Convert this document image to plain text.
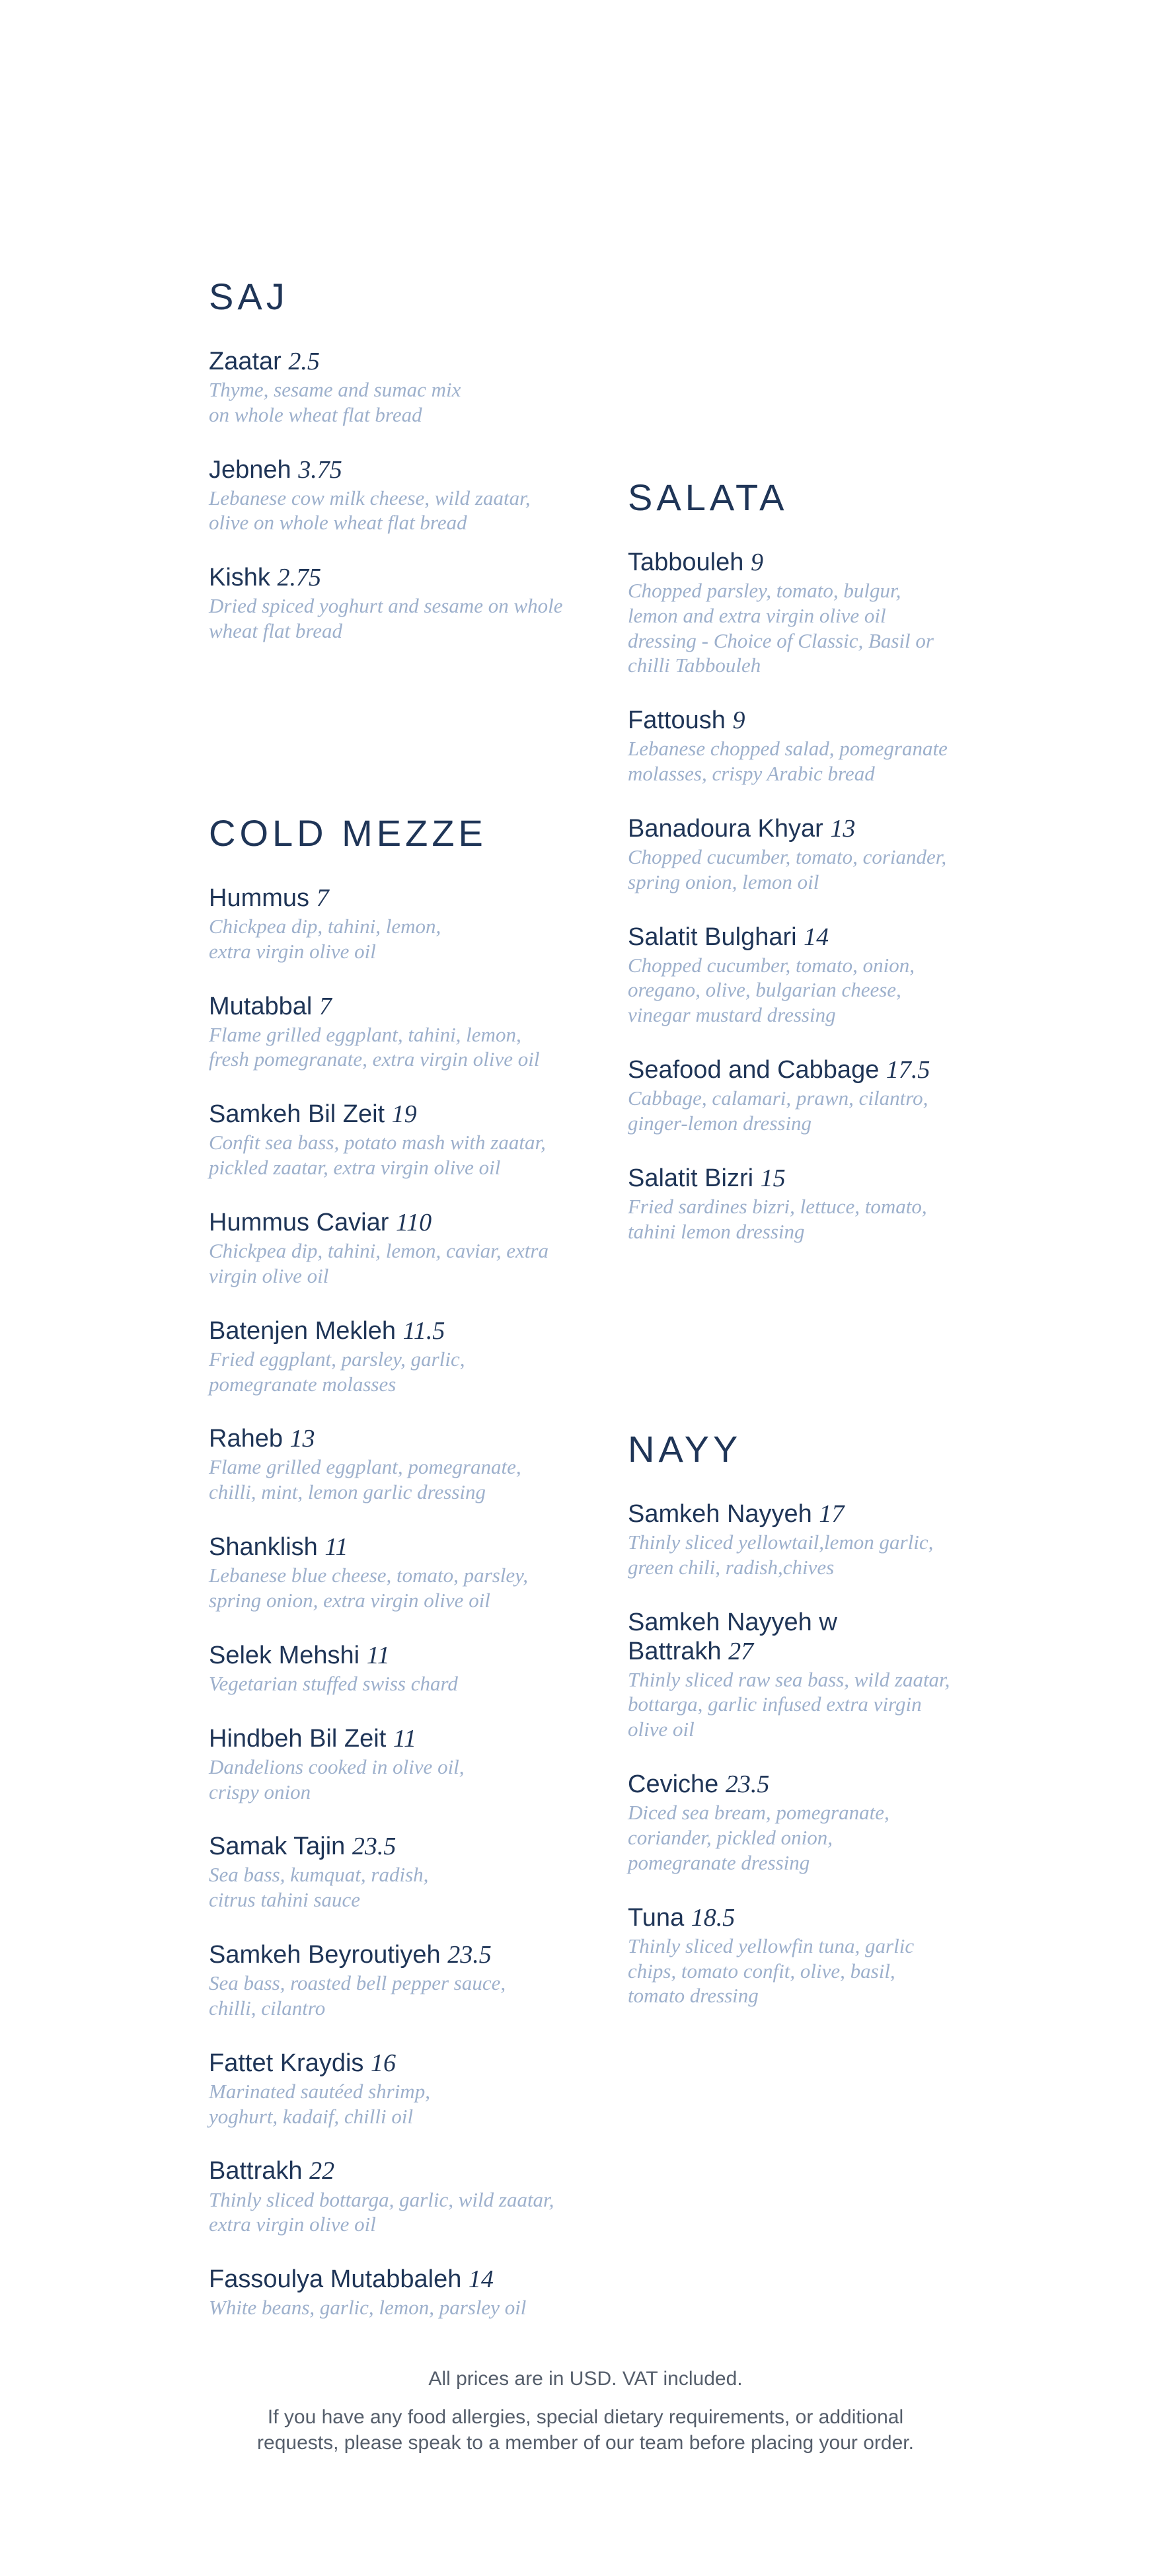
SAJ
Zaatar 2.5
Thyme, sesame and sumac mix
on whole wheat flat bread
Jebneh 3.75
Lebanese cow milk cheese, wild zaatar,
olive on whole wheat flat bread
Kishk 2.75
Dried spiced yoghurt and sesame on whole
wheat flat bread
COLD MEZZE
Hummus 7
Chickpea dip, tahini, lemon,
extra virgin olive oil
Mutabbal 7
Flame grilled eggplant, tahini, lemon,
fresh pomegranate, extra virgin olive oil
Samkeh Bil Zeit 19
Confit sea bass, potato mash with zaatar,
pickled zaatar, extra virgin olive oil
Hummus Caviar 110
Chickpea dip, tahini, lemon, caviar, extra
virgin olive oil
Batenjen Mekleh 11.5
Fried eggplant, parsley, garlic,
pomegranate molasses
Raheb 13
Flame grilled eggplant, pomegranate,
chilli, mint, lemon garlic dressing
Shanklish 11
Lebanese blue cheese, tomato, parsley,
spring onion, extra virgin olive oil
Selek Mehshi 11
Vegetarian stuffed swiss chard
Hindbeh Bil Zeit 11
Dandelions cooked in olive oil,
crispy onion
Samak Tajin 23.5
Sea bass, kumquat, radish,
citrus tahini sauce
Samkeh Beyroutiyeh 23.5
Sea bass, roasted bell pepper sauce,
chilli, cilantro
Fattet Kraydis 16
Marinated sautéed shrimp,
yoghurt, kadaif, chilli oil
Battrakh 22
Thinly sliced bottarga, garlic, wild zaatar,
extra virgin olive oil
Fassoulya Mutabbaleh 14
White beans, garlic, lemon, parsley oil
SALATA
Tabbouleh 9
Chopped parsley, tomato, bulgur,
lemon and extra virgin olive oil
dressing - Choice of Classic, Basil or
chilli Tabbouleh
Fattoush 9
Lebanese chopped salad, pomegranate
molasses, crispy Arabic bread
Banadoura Khyar 13
Chopped cucumber, tomato, coriander,
spring onion, lemon oil
Salatit Bulghari 14
Chopped cucumber, tomato, onion,
oregano, olive, bulgarian cheese,
vinegar mustard dressing
Seafood and Cabbage 17.5
Cabbage, calamari, prawn, cilantro,
ginger-lemon dressing
Salatit Bizri 15
Fried sardines bizri, lettuce, tomato,
tahini lemon dressing
NAYY
Samkeh Nayyeh 17
Thinly sliced yellowtail,lemon garlic,
green chili, radish,chives
Samkeh Nayyeh w
Battrakh 27
Thinly sliced raw sea bass, wild zaatar,
bottarga, garlic infused extra virgin
olive oil
Ceviche 23.5
Diced sea bream, pomegranate,
coriander, pickled onion,
pomegranate dressing
Tuna 18.5
Thinly sliced yellowfin tuna, garlic
chips, tomato confit, olive, basil,
tomato dressing
All prices are in USD. VAT included.
If you have any food allergies, special dietary requirements, or additional
requests, please speak to a member of our team before placing your order.
